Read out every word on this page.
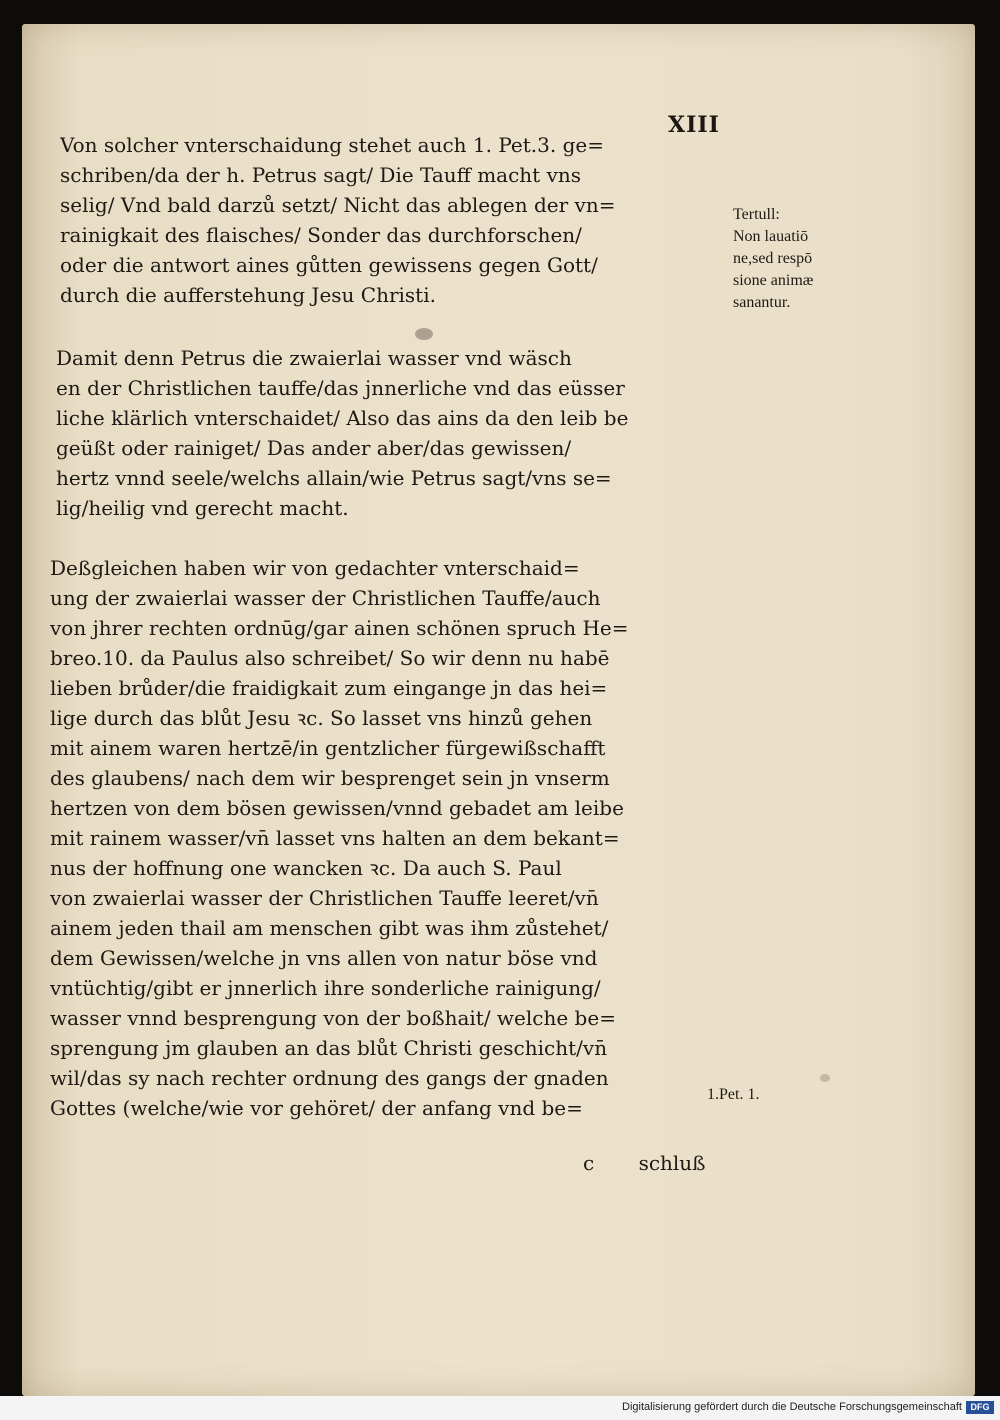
XIII
Von solcher vnterschaidung stehet auch 1. Pet.3. ge=
schriben/da der h. Petrus sagt/ Die Tauff macht vns
selig/ Vnd bald darzů setzt/ Nicht das ablegen der vn=
rainigkait des flaisches/ Sonder das durchforschen/
oder die antwort aines gůtten gewissens gegen Gott/
durch die aufferstehung Jesu Christi.
Damit denn Petrus die zwaierlai wasser vnd wäsch
en der Christlichen tauffe/das jnnerliche vnd das eüsser
liche klärlich vnterschaidet/ Also das ains da den leib be
geüßt oder rainiget/ Das ander aber/das gewissen/
hertz vnnd seele/welchs allain/wie Petrus sagt/vns se=
lig/heilig vnd gerecht macht.
Deßgleichen haben wir von gedachter vnterschaid=
ung der zwaierlai wasser der Christlichen Tauffe/auch
von jhrer rechten ordnūg/gar ainen schönen spruch He=
breo.10. da Paulus also schreibet/ So wir denn nu habē
lieben brůder/die fraidigkait zum eingange jn das hei=
lige durch das blůt Jesu ꝛc. So lasset vns hinzů gehen
mit ainem waren hertzē/in gentzlicher fürgewißschafft
des glaubens/ nach dem wir besprenget sein jn vnserm
hertzen von dem bösen gewissen/vnnd gebadet am leibe
mit rainem wasser/vn̄ lasset vns halten an dem bekant=
nus der hoffnung one wancken ꝛc. Da auch S. Paul
von zwaierlai wasser der Christlichen Tauffe leeret/vn̄
ainem jeden thail am menschen gibt was ihm zůstehet/
dem Gewissen/welche jn vns allen von natur böse vnd
vntüchtig/gibt er jnnerlich ihre sonderliche rainigung/
wasser vnnd besprengung von der boßhait/ welche be=
sprengung jm glauben an das blůt Christi geschicht/vn̄
wil/das sy nach rechter ordnung des gangs der gnaden
Gottes (welche/wie vor gehöret/ der anfang vnd be=
c schluß
Tertull:
Non lauatiō
ne,sed respō
sione animæ
sanantur.
1.Pet. 1.
Digitalisierung gefördert durch die Deutsche Forschungsgemeinschaft DFG
